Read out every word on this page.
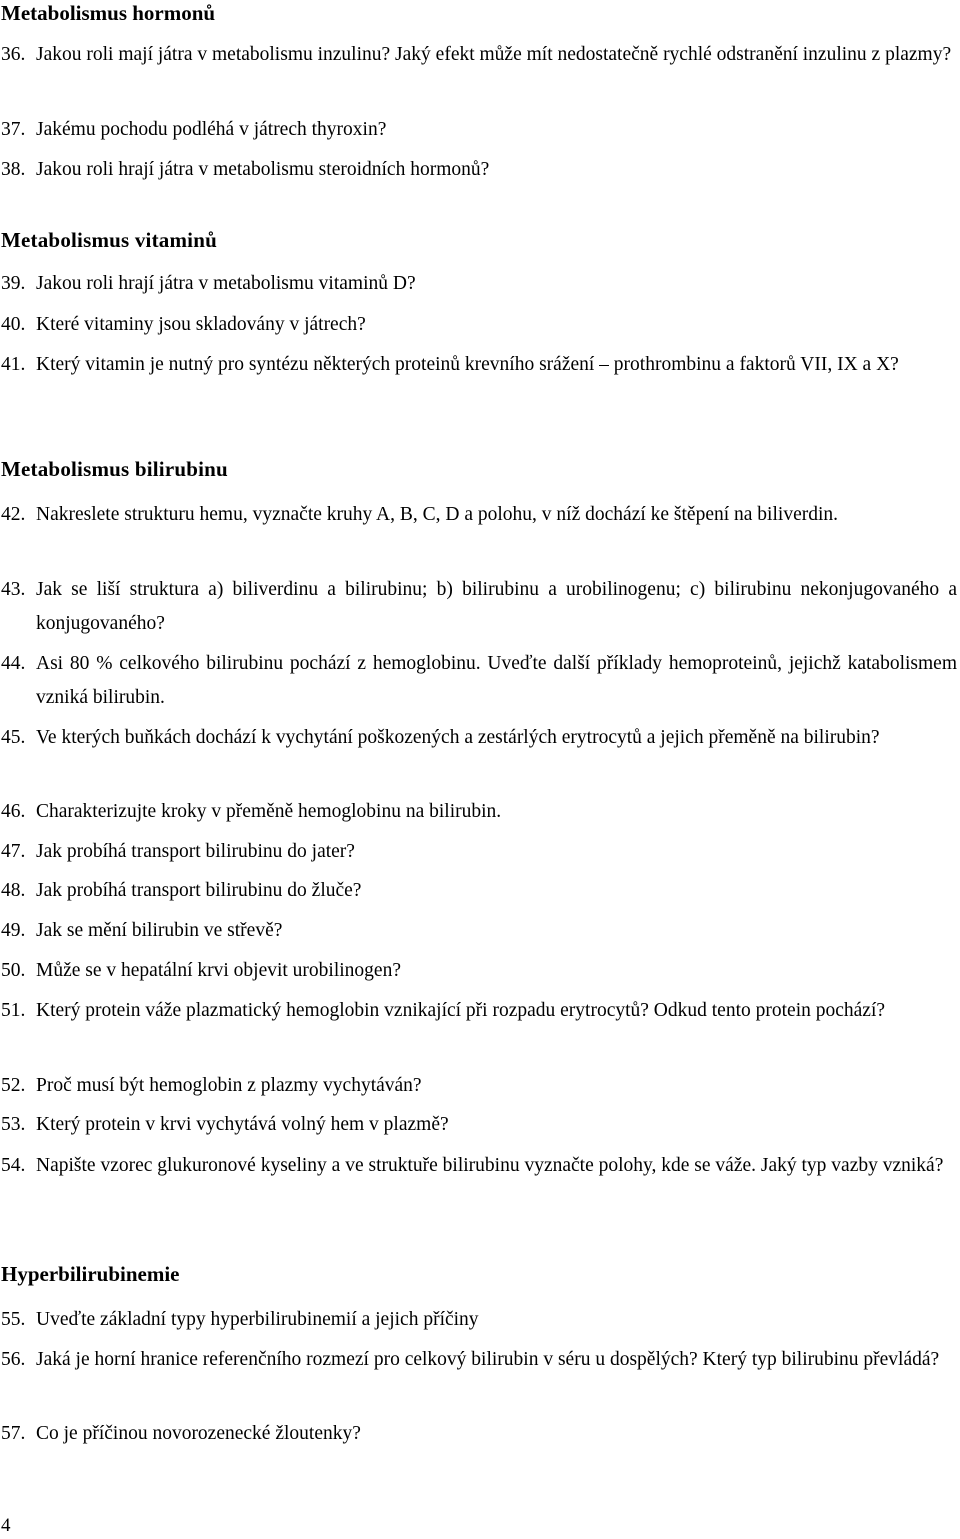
Metabolismus hormonů
36. Jakou roli mají játra v metabolismu inzulinu? Jaký efekt může mít nedostatečně rychlé odstranění inzulinu z plazmy?
37. Jakému pochodu podléhá v játrech thyroxin?
38. Jakou roli hrají játra v metabolismu steroidních hormonů?
Metabolismus vitaminů
39. Jakou roli hrají játra v metabolismu vitaminů D?
40. Které vitaminy jsou skladovány v játrech?
41. Který vitamin je nutný pro syntézu některých proteinů krevního srážení – prothrombinu a faktorů VII, IX a X?
Metabolismus bilirubinu
42. Nakreslete strukturu hemu, vyznačte kruhy A, B, C, D a polohu, v níž dochází ke štěpení na biliverdin.
43. Jak se liší struktura a) biliverdinu a bilirubinu; b) bilirubinu a urobilinogenu; c) bilirubinu nekonjugovaného a konjugovaného?
44. Asi 80 % celkového bilirubinu pochází z hemoglobinu. Uveďte další příklady hemoproteinů, jejichž katabolismem vzniká bilirubin.
45. Ve kterých buňkách dochází k vychytání poškozených a zestárlých erytrocytů a jejich přeměně na bilirubin?
46. Charakterizujte kroky v přeměně hemoglobinu na bilirubin.
47. Jak probíhá transport bilirubinu do jater?
48. Jak probíhá transport bilirubinu do žluče?
49. Jak se mění bilirubin ve střevě?
50. Může se v hepatální krvi objevit urobilinogen?
51. Který protein váže plazmatický hemoglobin vznikající při rozpadu erytrocytů? Odkud tento protein pochází?
52. Proč musí být hemoglobin z plazmy vychytáván?
53. Který protein v krvi vychytává volný hem v plazmě?
54. Napište vzorec glukuronové kyseliny a ve struktuře bilirubinu vyznačte polohy, kde se váže. Jaký typ vazby vzniká?
Hyperbilirubinemie
55. Uveďte základní typy hyperbilirubinemií a jejich příčiny
56. Jaká je horní hranice referenčního rozmezí pro celkový bilirubin v séru u dospělých? Který typ bilirubinu převládá?
57. Co je příčinou novorozenecké žloutenky?
4
